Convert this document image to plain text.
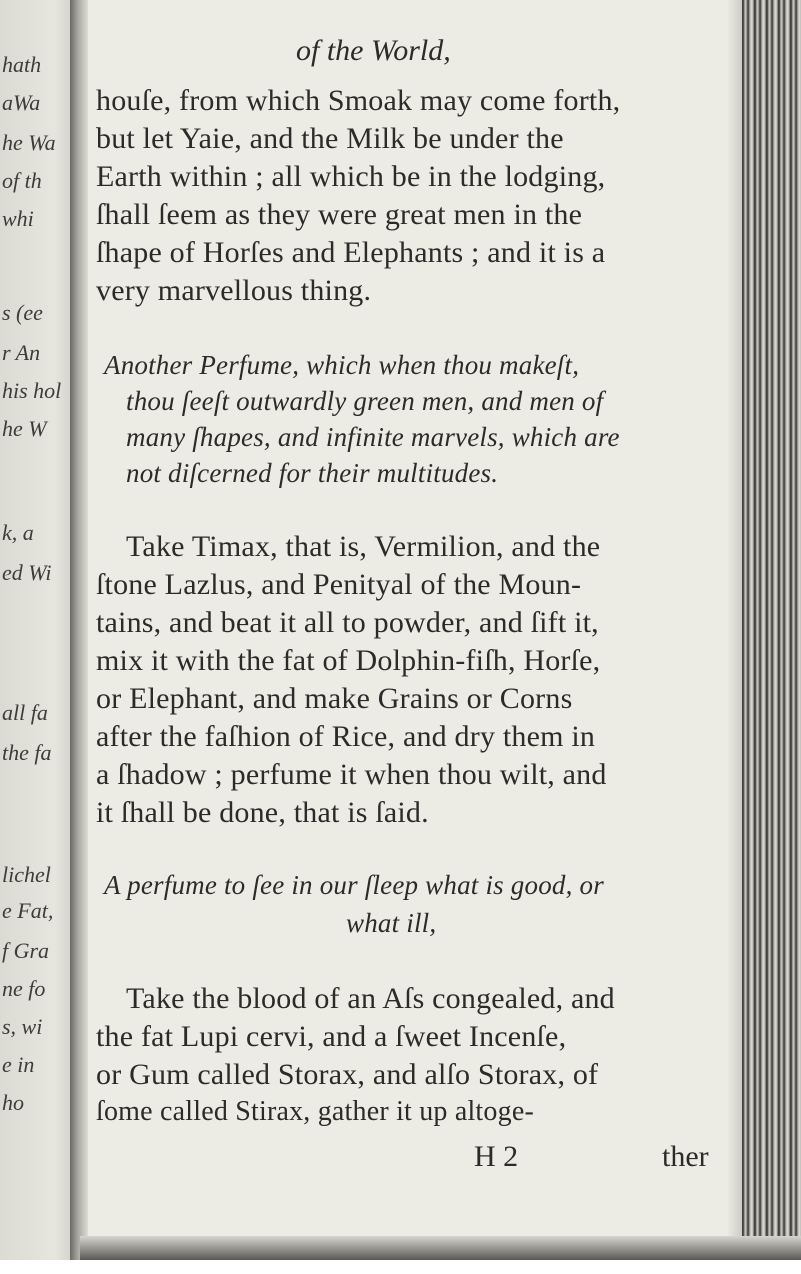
hath
aWa
he Wa
of th
whi
s (ee
r An
his hol
he W
k, a
ed Wi
all fa
the fa
lichel
e Fat,
f Gra
ne fo
s, wi
e in
ho
of the World,
houſe, from which Smoak may come forth,
but let Yaie, and the Milk be under the
Earth within ; all which be in the lodging,
ſhall ſeem as they were great men in the
ſhape of Horſes and Elephants ; and it is a
very marvellous thing.
Another Perfume, which when thou makeſt,
thou ſeeſt outwardly green men, and men of
many ſhapes, and infinite marvels, which are
not diſcerned for their multitudes.
Take Timax, that is, Vermilion, and the
ſtone Lazlus, and Penityal of the Moun-
tains, and beat it all to powder, and ſift it,
mix it with the fat of Dolphin-fiſh, Horſe,
or Elephant, and make Grains or Corns
after the faſhion of Rice, and dry them in
a ſhadow ; perfume it when thou wilt, and
it ſhall be done, that is ſaid.
A perfume to ſee in our ſleep what is good, or
what ill,
Take the blood of an Aſs congealed, and
the fat Lupi cervi, and a ſweet Incenſe,
or Gum called Storax, and alſo Storax, of
ſome called Stirax, gather it up altoge-
H 2	ther
